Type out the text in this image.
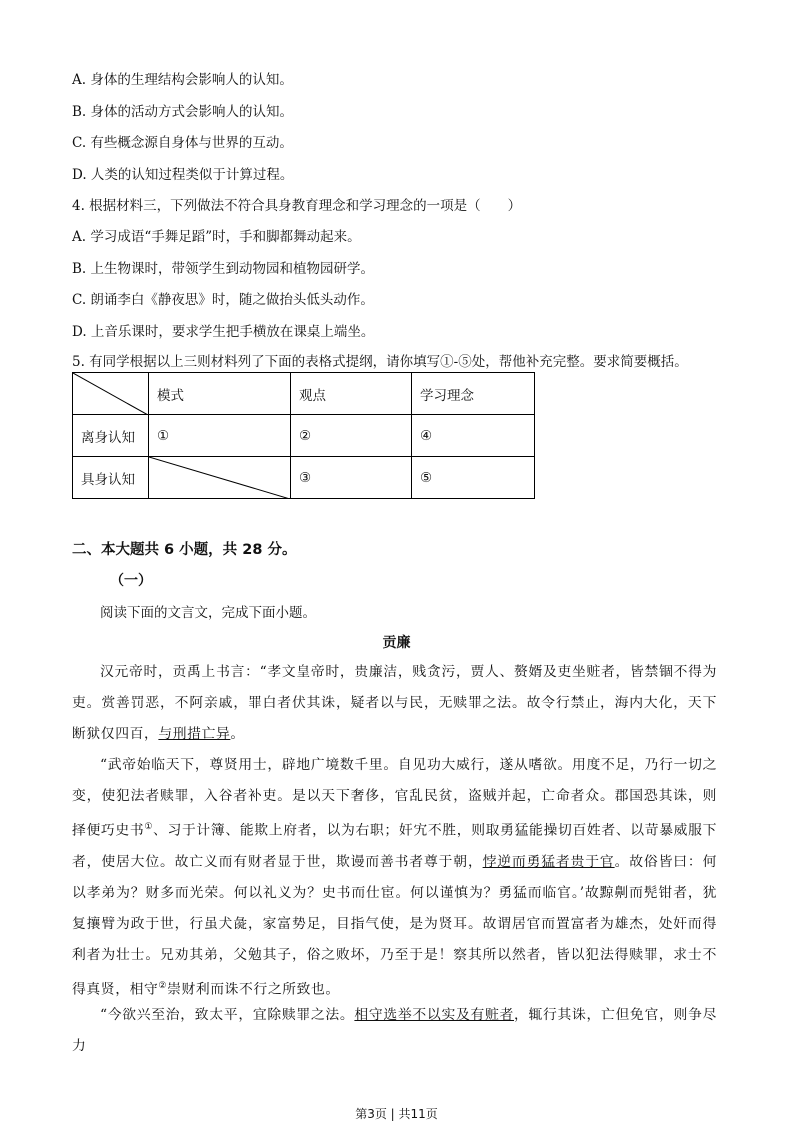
A. 身体的生理结构会影响人的认知。
B. 身体的活动方式会影响人的认知。
C. 有些概念源自身体与世界的互动。
D. 人类的认知过程类似于计算过程。
4. 根据材料三，下列做法不符合具身教育理念和学习理念的一项是（　　）
A. 学习成语“手舞足蹈”时，手和脚都舞动起来。
B. 上生物课时，带领学生到动物园和植物园研学。
C. 朗诵李白《静夜思》时，随之做抬头低头动作。
D. 上音乐课时，要求学生把手横放在课桌上端坐。
5. 有同学根据以上三则材料列了下面的表格式提纲，请你填写①-⑤处，帮他补充完整。要求简要概括。
	模式	观点	学习理念
离身认知	①	②	④
具身认知		③	⑤
二、本大题共 6 小题，共 28 分。
（一）
阅读下面的文言文，完成下面小题。
贡廉
汉元帝时，贡禹上书言：“孝文皇帝时，贵廉洁，贱贪污，贾人、赘婿及吏坐赃者，皆禁锢不得为吏。赏善罚恶，不阿亲戚，罪白者伏其诛，疑者以与民，无赎罪之法。故令行禁止，海内大化，天下断狱仅四百，与刑措亡异。
“武帝始临天下，尊贤用士，辟地广境数千里。自见功大威行，遂从嗜欲。用度不足，乃行一切之变，使犯法者赎罪，入谷者补吏。是以天下奢侈，官乱民贫，盗贼并起，亡命者众。郡国恐其诛，则择便巧史书①、习于计簿、能欺上府者，以为右职；奸宄不胜，则取勇猛能操切百姓者、以苛暴威服下者，使居大位。故亡义而有财者显于世，欺谩而善书者尊于朝，悖逆而勇猛者贵于官。故俗皆曰：何以孝弟为？财多而光荣。何以礼义为？史书而仕宦。何以谨慎为？勇猛而临官。’故黥劓而髡钳者，犹复攘臂为政于世，行虽犬彘，家富势足，目指气使，是为贤耳。故谓居官而置富者为雄杰，处奸而得利者为壮士。兄劝其弟，父勉其子，俗之败坏，乃至于是！察其所以然者，皆以犯法得赎罪，求士不得真贤，相守②崇财利而诛不行之所致也。
“今欲兴至治，致太平，宜除赎罪之法。相守选举不以实及有赃者，辄行其诛，亡但免官，则争尽力
第3页 | 共11页
